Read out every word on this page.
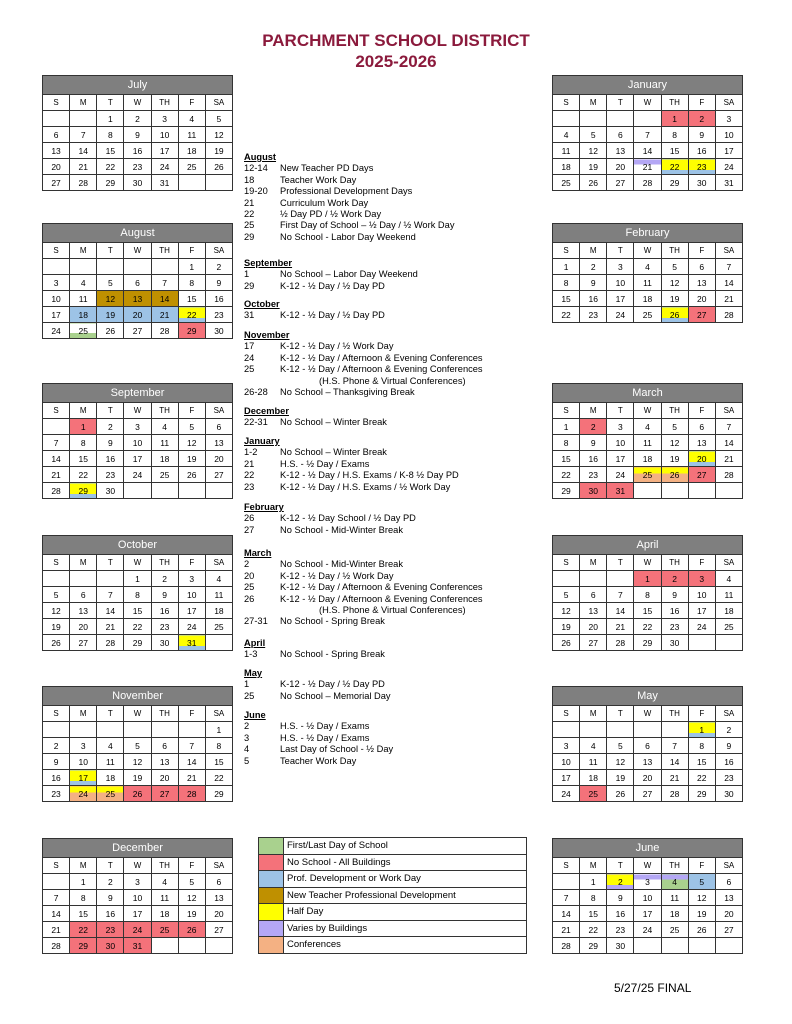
PARCHMENT SCHOOL DISTRICT
2025-2026
July						
S	M	T	W	TH	F	SA
		1	2	3	4	5
6	7	8	9	10	11	12
13	14	15	16	17	18	19
20	21	22	23	24	25	26
27	28	29	30	31		
August						
S	M	T	W	TH	F	SA
					1	2
3	4	5	6	7	8	9
10	11	12	13	14	15	16
17	18	19	20	21	22	23
24	25	26	27	28	29	30
September						
S	M	T	W	TH	F	SA
	1	2	3	4	5	6
7	8	9	10	11	12	13
14	15	16	17	18	19	20
21	22	23	24	25	26	27
28	29	30				
October						
S	M	T	W	TH	F	SA
			1	2	3	4
5	6	7	8	9	10	11
12	13	14	15	16	17	18
19	20	21	22	23	24	25
26	27	28	29	30	31	
November						
S	M	T	W	TH	F	SA
						1
2	3	4	5	6	7	8
9	10	11	12	13	14	15
16	17	18	19	20	21	22
23	24	25	26	27	28	29
December						
S	M	T	W	TH	F	SA
	1	2	3	4	5	6
7	8	9	10	11	12	13
14	15	16	17	18	19	20
21	22	23	24	25	26	27
28	29	30	31			
January						
S	M	T	W	TH	F	SA
				1	2	3
4	5	6	7	8	9	10
11	12	13	14	15	16	17
18	19	20	21	22	23	24
25	26	27	28	29	30	31
February						
S	M	T	W	TH	F	SA
1	2	3	4	5	6	7
8	9	10	11	12	13	14
15	16	17	18	19	20	21
22	23	24	25	26	27	28
March						
S	M	T	W	TH	F	SA
1	2	3	4	5	6	7
8	9	10	11	12	13	14
15	16	17	18	19	20	21
22	23	24	25	26	27	28
29	30	31				
April						
S	M	T	W	TH	F	SA
			1	2	3	4
5	6	7	8	9	10	11
12	13	14	15	16	17	18
19	20	21	22	23	24	25
26	27	28	29	30		
May						
S	M	T	W	TH	F	SA
					1	2
3	4	5	6	7	8	9
10	11	12	13	14	15	16
17	18	19	20	21	22	23
24	25	26	27	28	29	30
June						
S	M	T	W	TH	F	SA
	1	2	3	4	5	6
7	8	9	10	11	12	13
14	15	16	17	18	19	20
21	22	23	24	25	26	27
28	29	30				
August
12-14	New Teacher PD Days
18	Teacher Work Day
19-20	Professional Development Days
21	Curriculum Work Day
22	½ Day PD / ½ Work Day
25	First Day of School – ½ Day / ½ Work Day
29	No School - Labor Day Weekend
September
1	No School – Labor Day Weekend
29	K-12 - ½ Day / ½ Day PD
October
31	K-12 - ½ Day / ½ Day PD
November
17	K-12 - ½ Day / ½ Work Day
24	K-12 - ½ Day / Afternoon & Evening Conferences
25	K-12 - ½ Day / Afternoon & Evening Conferences
(H.S. Phone & Virtual Conferences)
26-28	No School – Thanksgiving Break
December
22-31	No School – Winter Break
January
1-2	No School – Winter Break
21	H.S. - ½ Day / Exams
22	K-12 - ½ Day / H.S. Exams / K-8 ½ Day PD
23	K-12 - ½ Day / H.S. Exams / ½ Work Day
February
26	K-12 - ½ Day School / ½ Day PD
27	No School - Mid-Winter Break
March
2	No School - Mid-Winter Break
20	K-12 - ½ Day / ½ Work Day
25	K-12 - ½ Day / Afternoon & Evening Conferences
26	K-12 - ½ Day / Afternoon & Evening Conferences
(H.S. Phone & Virtual Conferences)
27-31	No School - Spring Break
April
1-3	No School - Spring Break
May
1	K-12 - ½ Day / ½ Day PD
25	No School – Memorial Day
June
2	H.S. - ½ Day / Exams
3	H.S. - ½ Day / Exams
4	Last Day of School - ½ Day
5	Teacher Work Day
	First/Last Day of School
	No School - All Buildings
	Prof. Development or Work Day
	New Teacher Professional Development
	Half Day
	Varies by Buildings
	Conferences
5/27/25 FINAL
